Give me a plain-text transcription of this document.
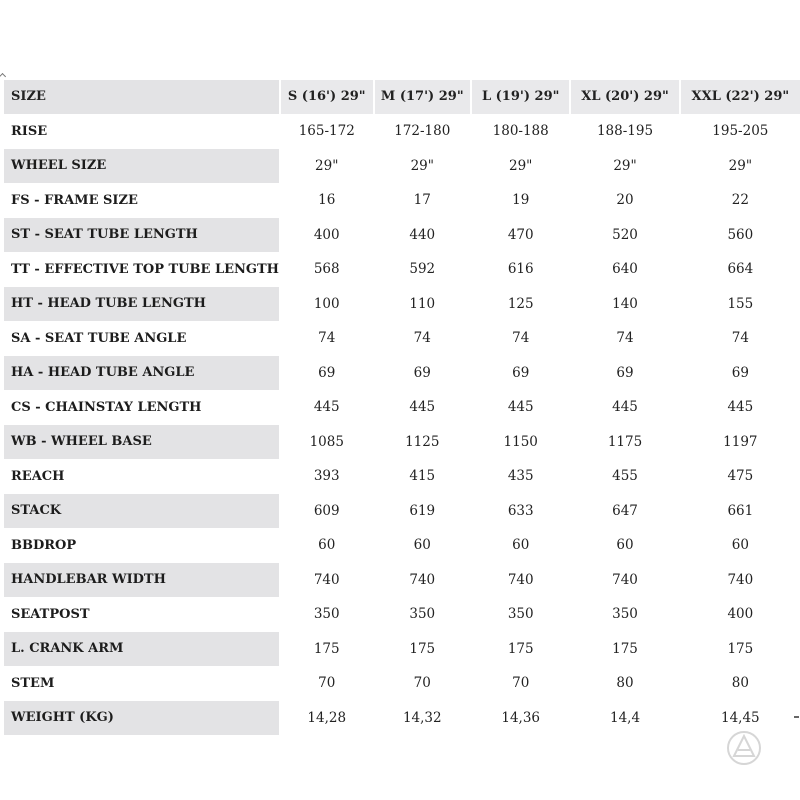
SIZE	S (16') 29"	M (17') 29"	L (19') 29"	XL (20') 29"	XXL (22') 29"
RISE	165-172	172-180	180-188	188-195	195-205
WHEEL SIZE	29"	29"	29"	29"	29"
FS - FRAME SIZE	16	17	19	20	22
ST - SEAT TUBE LENGTH	400	440	470	520	560
TT - EFFECTIVE TOP TUBE LENGTH	568	592	616	640	664
HT - HEAD TUBE LENGTH	100	110	125	140	155
SA - SEAT TUBE ANGLE	74	74	74	74	74
HA - HEAD TUBE ANGLE	69	69	69	69	69
CS - CHAINSTAY LENGTH	445	445	445	445	445
WB - WHEEL BASE	1085	1125	1150	1175	1197
REACH	393	415	435	455	475
STACK	609	619	633	647	661
BBDROP	60	60	60	60	60
HANDLEBAR WIDTH	740	740	740	740	740
SEATPOST	350	350	350	350	400
L. CRANK ARM	175	175	175	175	175
STEM	70	70	70	80	80
WEIGHT (KG)	14,28	14,32	14,36	14,4	14,45
